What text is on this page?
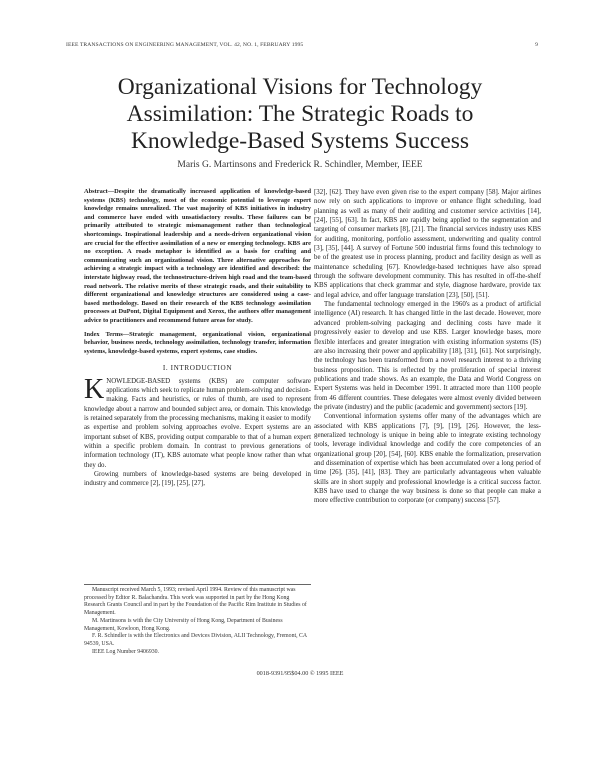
IEEE TRANSACTIONS ON ENGINEERING MANAGEMENT, VOL. 42, NO. 1, FEBRUARY 1995	9
Organizational Visions for Technology
Assimilation: The Strategic Roads to
Knowledge-Based Systems Success
Maris G. Martinsons and Frederick R. Schindler, Member, IEEE

Abstract—Despite the dramatically increased application of knowledge-based systems (KBS) technology, most of the economic potential to leverage expert knowledge remains unrealized. The vast majority of KBS initiatives in industry and commerce have ended with unsatisfactory results. These failures can be primarily attributed to strategic mismanagement rather than technological shortcomings. Inspirational leadership and a needs-driven organizational vision are crucial for the effective assimilation of a new or emerging technology. KBS are no exception. A roads metaphor is identified as a basis for crafting and communicating such an organizational vision. Three alternative approaches for achieving a strategic impact with a technology are identified and described: the interstate highway road, the technostructure-driven high road and the team-based road network. The relative merits of these strategic roads, and their suitability to different organizational and knowledge structures are considered using a case-based methodology. Based on their research of the KBS technology assimilation processes at DuPont, Digital Equipment and Xerox, the authors offer management advice to practitioners and recommend future areas for study.

Index Terms—Strategic management, organizational vision, organizational behavior, business needs, technology assimilation, technology transfer, information systems, knowledge-based systems, expert systems, case studies.

I. INTRODUCTION

KNOWLEDGE-BASED systems (KBS) are computer software applications which seek to replicate human problem-solving and decision-making. Facts and heuristics, or rules of thumb, are used to represent knowledge about a narrow and bounded subject area, or domain. This knowledge is retained separately from the processing mechanisms, making it easier to modify as expertise and problem solving approaches evolve. Expert systems are an important subset of KBS, providing output comparable to that of a human expert within a specific problem domain. In contrast to previous generations of information technology (IT), KBS automate what people know rather than what they do.

Growing numbers of knowledge-based systems are being developed in industry and commerce [2], [19], [25], [27],

Manuscript received March 5, 1993; revised April 1994. Review of this manuscript was processed by Editor R. Balachandra. This work was supported in part by the Hong Kong Research Grants Council and in part by the Foundation of the Pacific Rim Institute in Studies of Management.

M. Martinsons is with the City University of Hong Kong, Department of Business Management, Kowloon, Hong Kong.

F. R. Schindler is with the Electronics and Devices Division, ALII Technology, Fremont, CA 94539, USA.

IEEE Log Number 9406930.

[32], [62]. They have even given rise to the expert company [58]. Major airlines now rely on such applications to improve or enhance flight scheduling, load planning as well as many of their auditing and customer service activities [14], [24], [55], [63]. In fact, KBS are rapidly being applied to the segmentation and targeting of consumer markets [8], [21]. The financial services industry uses KBS for auditing, monitoring, portfolio assessment, underwriting and quality control [3], [35], [44]. A survey of Fortune 500 industrial firms found this technology to be of the greatest use in process planning, product and facility design as well as maintenance scheduling [67]. Knowledge-based techniques have also spread through the software development community. This has resulted in off-the-shelf KBS applications that check grammar and style, diagnose hardware, provide tax and legal advice, and offer language translation [23], [50], [51].

The fundamental technology emerged in the 1960's as a product of artificial intelligence (AI) research. It has changed little in the last decade. However, more advanced problem-solving packaging and declining costs have made it progressively easier to develop and use KBS. Larger knowledge bases, more flexible interfaces and greater integration with existing information systems (IS) are also increasing their power and applicability [18], [31], [61]. Not surprisingly, the technology has been transformed from a novel research interest to a thriving business proposition. This is reflected by the proliferation of special interest publications and trade shows. As an example, the Data and World Congress on Expert Systems was held in December 1991. It attracted more than 1100 people from 46 different countries. These delegates were almost evenly divided between the private (industry) and the public (academic and government) sectors [19].

Conventional information systems offer many of the advantages which are associated with KBS applications [7], [9], [19], [26]. However, the less-generalized technology is unique in being able to integrate existing technology tools, leverage individual knowledge and codify the core competencies of an organizational group [20], [54], [60]. KBS enable the formalization, preservation and dissemination of expertise which has been accumulated over a long period of time [26], [35], [41], [83]. They are particularly advantageous when valuable skills are in short supply and professional knowledge is a critical success factor. KBS have used to change the way business is done so that people can make a more effective contribution to corporate (or company) success [57].

0018-9391/95$04.00 © 1995 IEEE
